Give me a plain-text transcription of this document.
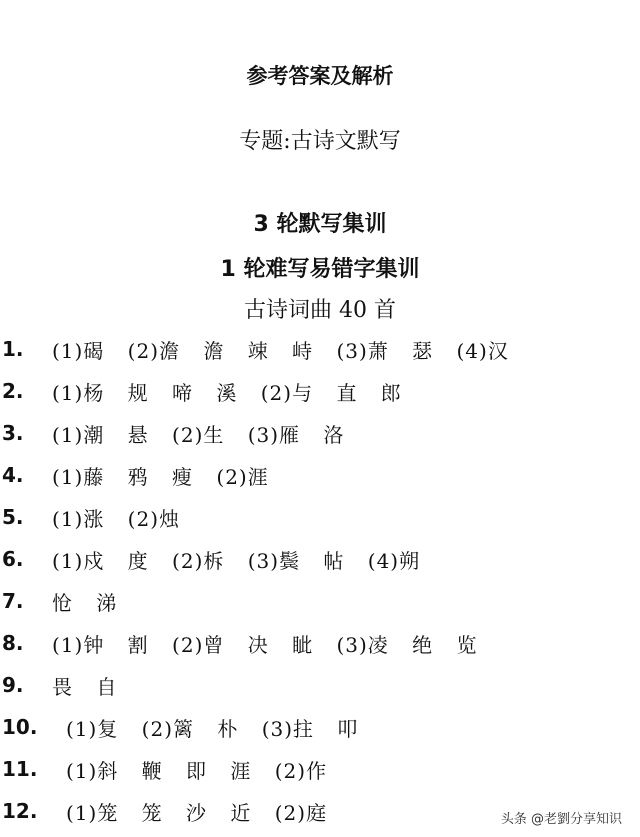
参考答案及解析
专题:古诗文默写
3 轮默写集训
1 轮难写易错字集训
古诗词曲 40 首
1.	(1)碣 (2)澹 澹 竦 峙 (3)萧 瑟 (4)汉
2.	(1)杨 规 啼 溪 (2)与 直 郎
3.	(1)潮 悬 (2)生 (3)雁 洛
4.	(1)藤 鸦 瘦 (2)涯
5.	(1)涨 (2)烛
6.	(1)戍 度 (2)柝 (3)鬓 帖 (4)朔
7.	怆 涕
8.	(1)钟 割 (2)曾 决 眦 (3)凌 绝 览
9.	畏 自
10.	(1)复 (2)篱 朴 (3)拄 叩
11.	(1)斜 鞭 即 涯 (2)作
12.	(1)笼 笼 沙 近 (2)庭	头条 @老劉分享知识
